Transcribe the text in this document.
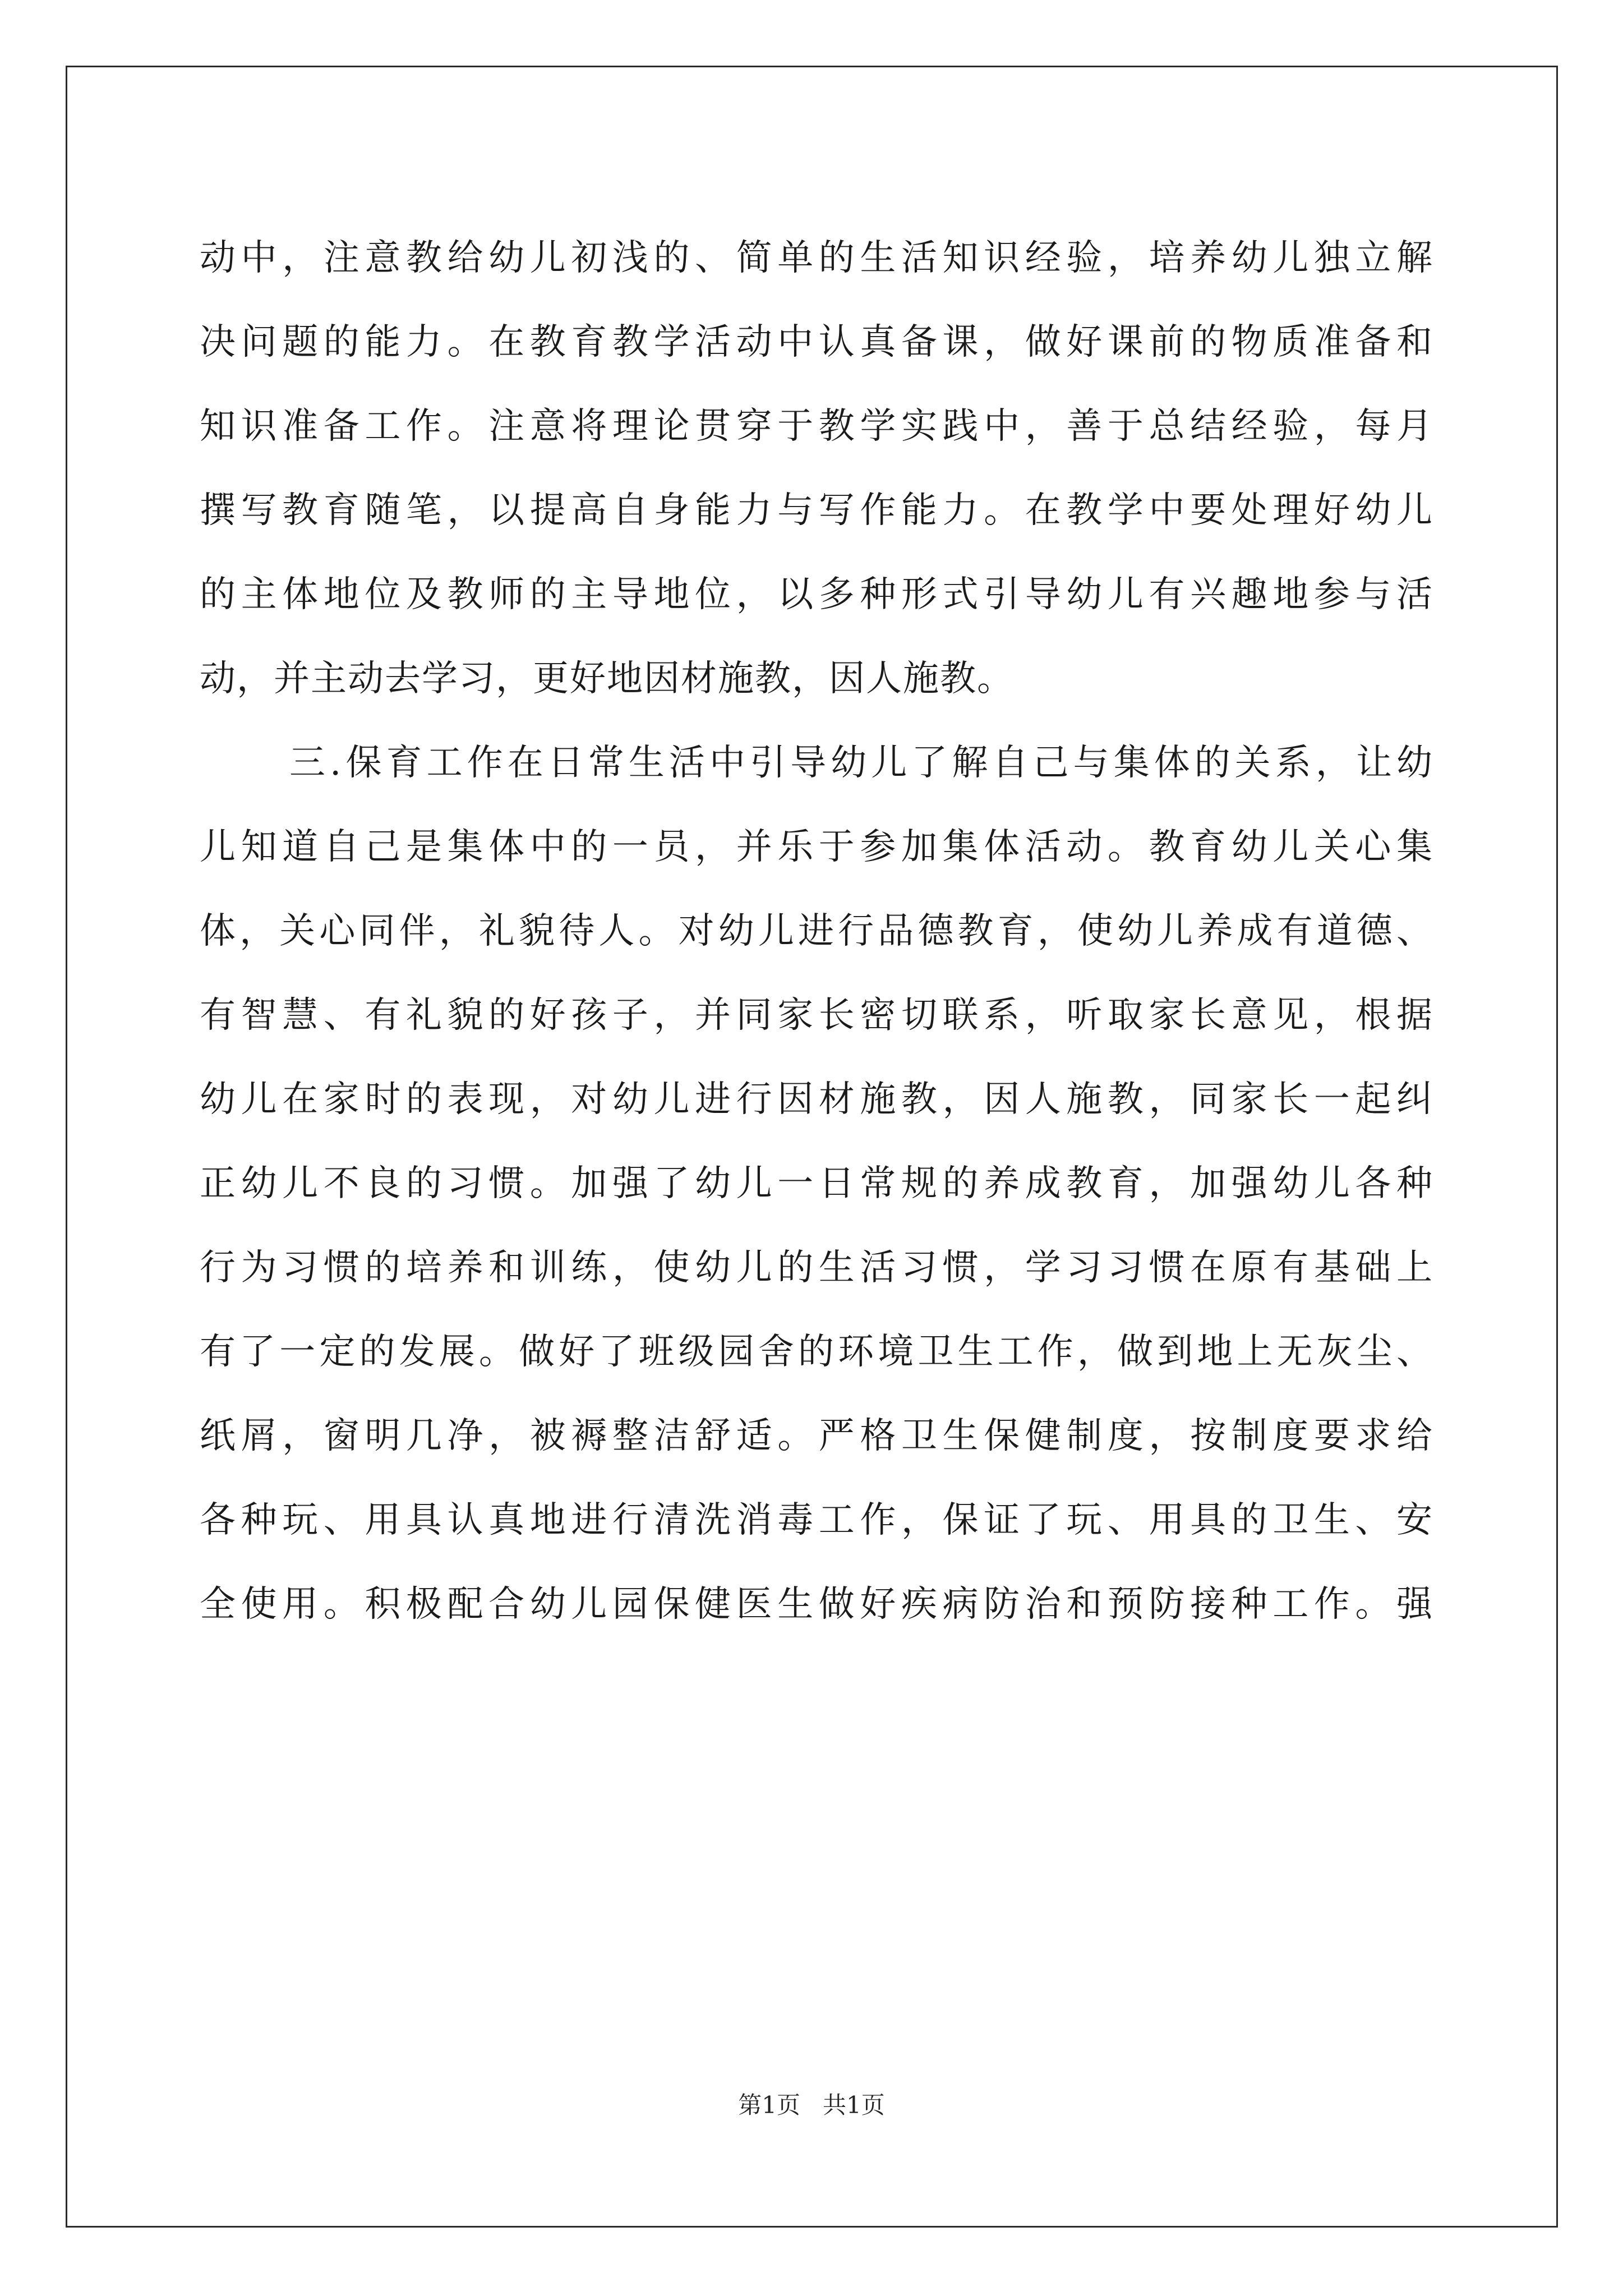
动中，注意教给幼儿初浅的、简单的生活知识经验，培养幼儿独立解
决问题的能力。在教育教学活动中认真备课，做好课前的物质准备和
知识准备工作。注意将理论贯穿于教学实践中，善于总结经验，每月
撰写教育随笔，以提高自身能力与写作能力。在教学中要处理好幼儿
的主体地位及教师的主导地位，以多种形式引导幼儿有兴趣地参与活
动，并主动去学习，更好地因材施教，因人施教。
三.保育工作在日常生活中引导幼儿了解自己与集体的关系，让幼
儿知道自己是集体中的一员，并乐于参加集体活动。教育幼儿关心集
体，关心同伴，礼貌待人。对幼儿进行品德教育，使幼儿养成有道德、
有智慧、有礼貌的好孩子，并同家长密切联系，听取家长意见，根据
幼儿在家时的表现，对幼儿进行因材施教，因人施教，同家长一起纠
正幼儿不良的习惯。加强了幼儿一日常规的养成教育，加强幼儿各种
行为习惯的培养和训练，使幼儿的生活习惯，学习习惯在原有基础上
有了一定的发展。做好了班级园舍的环境卫生工作，做到地上无灰尘、
纸屑，窗明几净，被褥整洁舒适。严格卫生保健制度，按制度要求给
各种玩、用具认真地进行清洗消毒工作，保证了玩、用具的卫生、安
全使用。积极配合幼儿园保健医生做好疾病防治和预防接种工作。强
第1页 共1页
